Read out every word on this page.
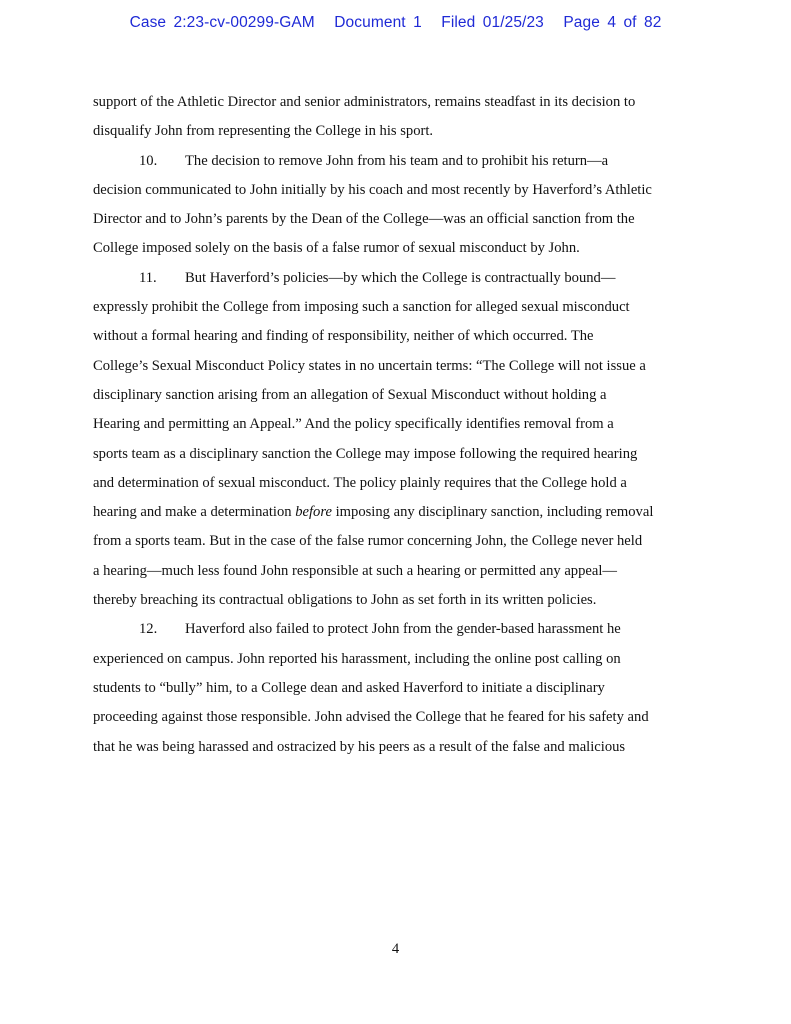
Case 2:23-cv-00299-GAM Document 1 Filed 01/25/23 Page 4 of 82
support of the Athletic Director and senior administrators, remains steadfast in its decision to
disqualify John from representing the College in his sport.
10. The decision to remove John from his team and to prohibit his return—a
decision communicated to John initially by his coach and most recently by Haverford’s Athletic
Director and to John’s parents by the Dean of the College—was an official sanction from the
College imposed solely on the basis of a false rumor of sexual misconduct by John.
11. But Haverford’s policies—by which the College is contractually bound—
expressly prohibit the College from imposing such a sanction for alleged sexual misconduct
without a formal hearing and finding of responsibility, neither of which occurred. The
College’s Sexual Misconduct Policy states in no uncertain terms: “The College will not issue a
disciplinary sanction arising from an allegation of Sexual Misconduct without holding a
Hearing and permitting an Appeal.” And the policy specifically identifies removal from a
sports team as a disciplinary sanction the College may impose following the required hearing
and determination of sexual misconduct. The policy plainly requires that the College hold a
hearing and make a determination before imposing any disciplinary sanction, including removal
from a sports team. But in the case of the false rumor concerning John, the College never held
a hearing—much less found John responsible at such a hearing or permitted any appeal—
thereby breaching its contractual obligations to John as set forth in its written policies.
12. Haverford also failed to protect John from the gender-based harassment he
experienced on campus. John reported his harassment, including the online post calling on
students to “bully” him, to a College dean and asked Haverford to initiate a disciplinary
proceeding against those responsible. John advised the College that he feared for his safety and
that he was being harassed and ostracized by his peers as a result of the false and malicious
4
